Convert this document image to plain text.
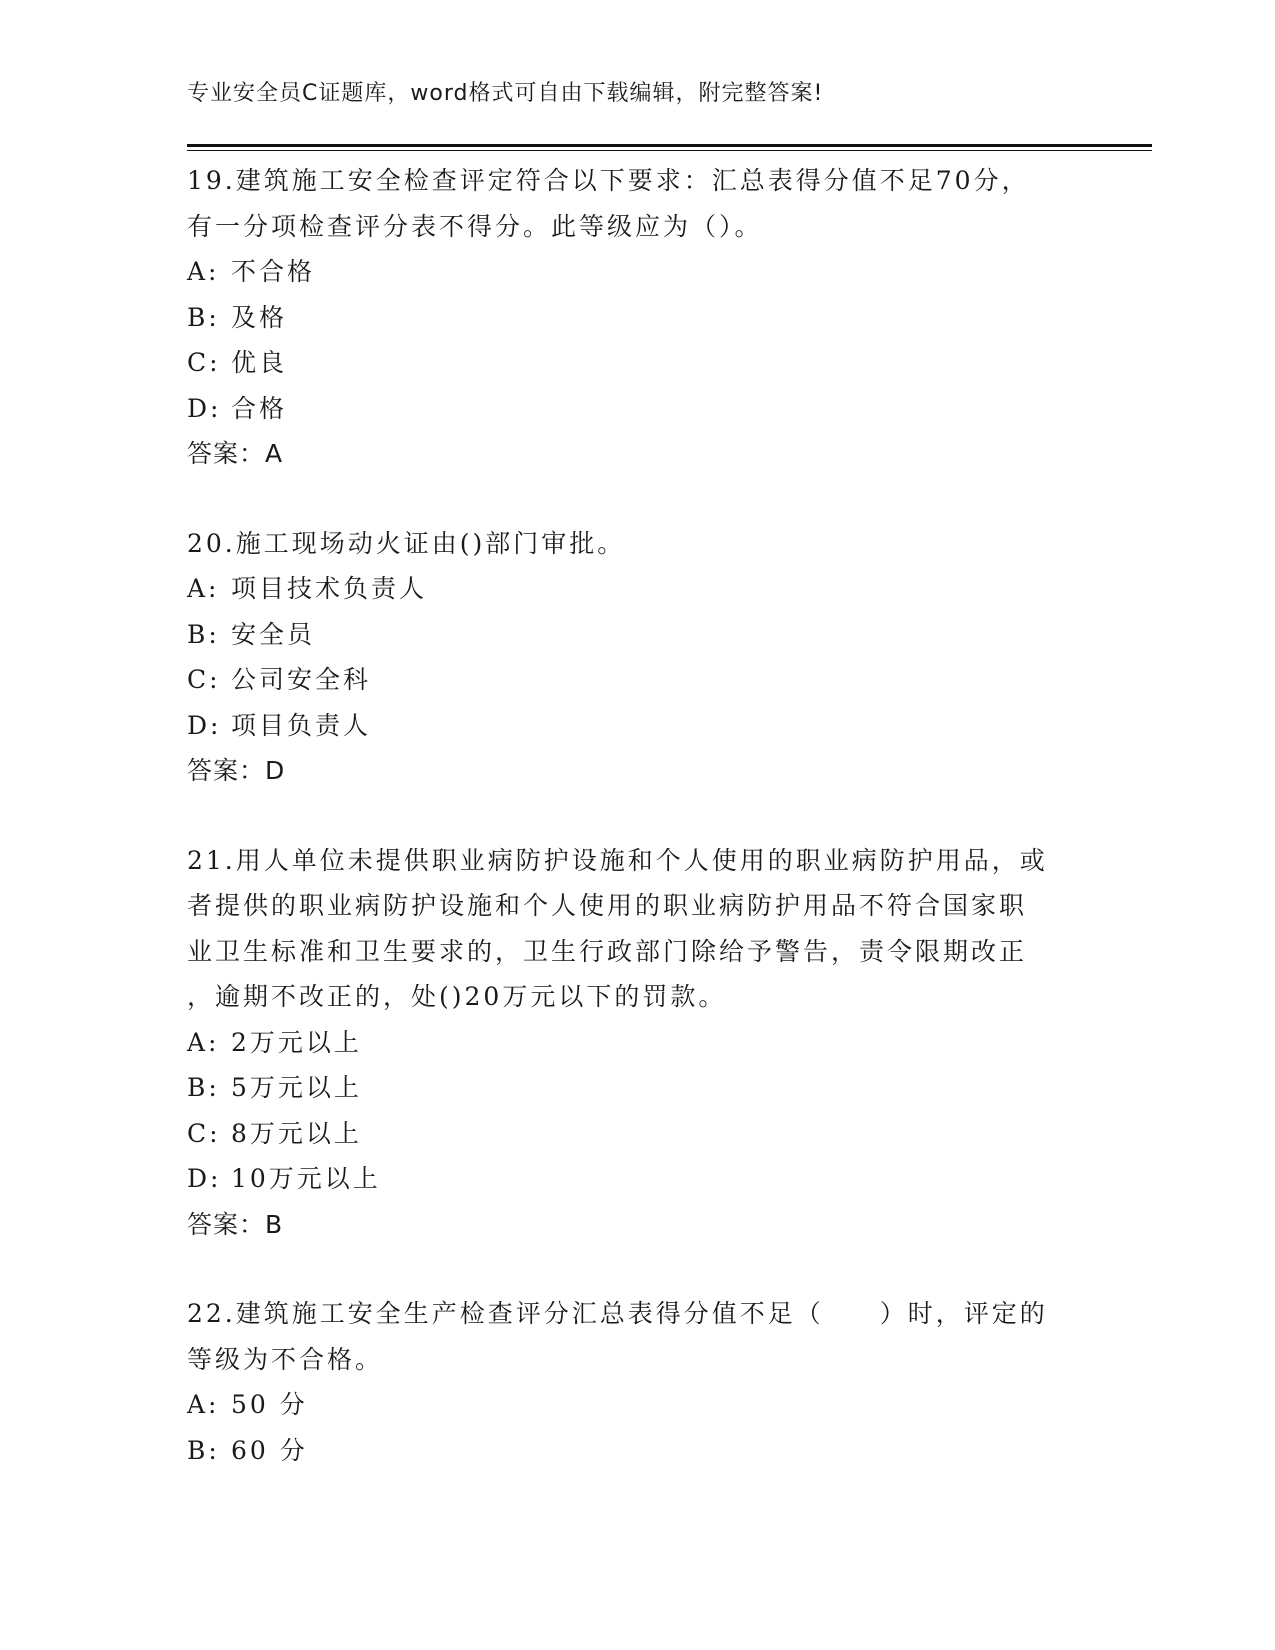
专业安全员C证题库，word格式可自由下载编辑，附完整答案!
19.建筑施工安全检查评定符合以下要求：汇总表得分值不足70分，
有一分项检查评分表不得分。此等级应为（）。
A: 不合格
B: 及格
C: 优良
D: 合格
答案：A
20.施工现场动火证由()部门审批。
A: 项目技术负责人
B: 安全员
C: 公司安全科
D: 项目负责人
答案：D
21.用人单位未提供职业病防护设施和个人使用的职业病防护用品，或
者提供的职业病防护设施和个人使用的职业病防护用品不符合国家职
业卫生标准和卫生要求的，卫生行政部门除给予警告，责令限期改正
，逾期不改正的，处()20万元以下的罚款。
A: 2万元以上
B: 5万元以上
C: 8万元以上
D: 10万元以上
答案：B
22.建筑施工安全生产检查评分汇总表得分值不足（　　）时，评定的
等级为不合格。
A: 50 分
B: 60 分
